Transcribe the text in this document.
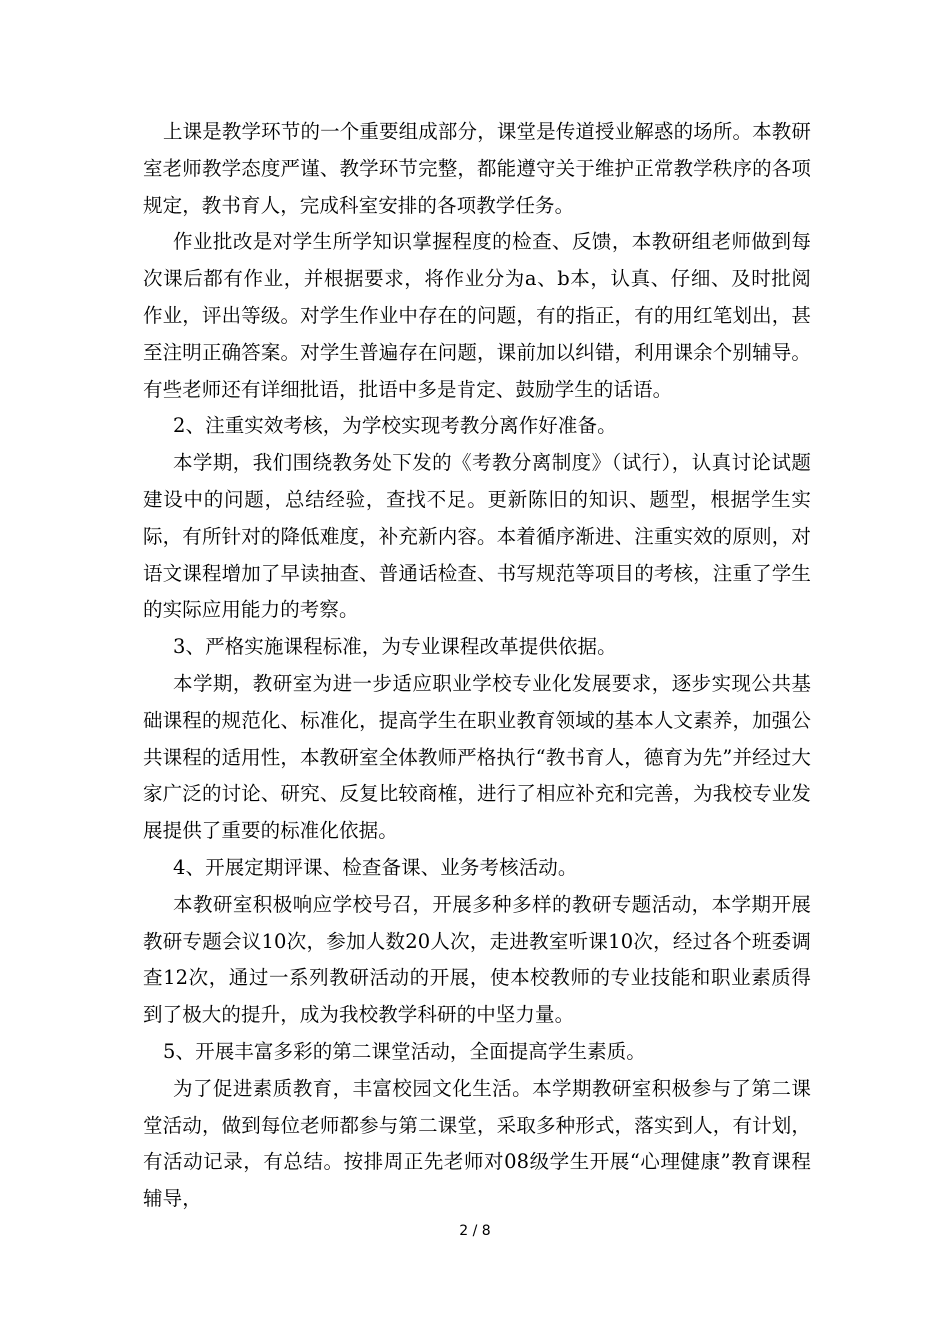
上课是教学环节的一个重要组成部分，课堂是传道授业解惑的场所。本教研室老师教学态度严谨、教学环节完整，都能遵守关于维护正常教学秩序的各项规定，教书育人，完成科室安排的各项教学任务。

作业批改是对学生所学知识掌握程度的检查、反馈，本教研组老师做到每次课后都有作业，并根据要求，将作业分为a、b本，认真、仔细、及时批阅作业，评出等级。对学生作业中存在的问题，有的指正，有的用红笔划出，甚至注明正确答案。对学生普遍存在问题，课前加以纠错，利用课余个别辅导。有些老师还有详细批语，批语中多是肯定、鼓励学生的话语。

2、注重实效考核，为学校实现考教分离作好准备。

本学期，我们围绕教务处下发的《考教分离制度》（试行），认真讨论试题建设中的问题，总结经验，查找不足。更新陈旧的知识、题型，根据学生实际，有所针对的降低难度，补充新内容。本着循序渐进、注重实效的原则，对语文课程增加了早读抽查、普通话检查、书写规范等项目的考核，注重了学生的实际应用能力的考察。

3、严格实施课程标准，为专业课程改革提供依据。

本学期，教研室为进一步适应职业学校专业化发展要求，逐步实现公共基础课程的规范化、标准化，提高学生在职业教育领域的基本人文素养，加强公共课程的适用性，本教研室全体教师严格执行“教书育人，德育为先”并经过大家广泛的讨论、研究、反复比较商榷，进行了相应补充和完善，为我校专业发展提供了重要的标准化依据。

4、开展定期评课、检查备课、业务考核活动。

本教研室积极响应学校号召，开展多种多样的教研专题活动，本学期开展教研专题会议10次，参加人数20人次，走进教室听课10次，经过各个班委调查12次，通过一系列教研活动的开展，使本校教师的专业技能和职业素质得到了极大的提升，成为我校教学科研的中坚力量。

5、开展丰富多彩的第二课堂活动，全面提高学生素质。

为了促进素质教育，丰富校园文化生活。本学期教研室积极参与了第二课堂活动，做到每位老师都参与第二课堂，采取多种形式，落实到人，有计划，有活动记录，有总结。按排周正先老师对08级学生开展“心理健康”教育课程辅导，

2 / 8
